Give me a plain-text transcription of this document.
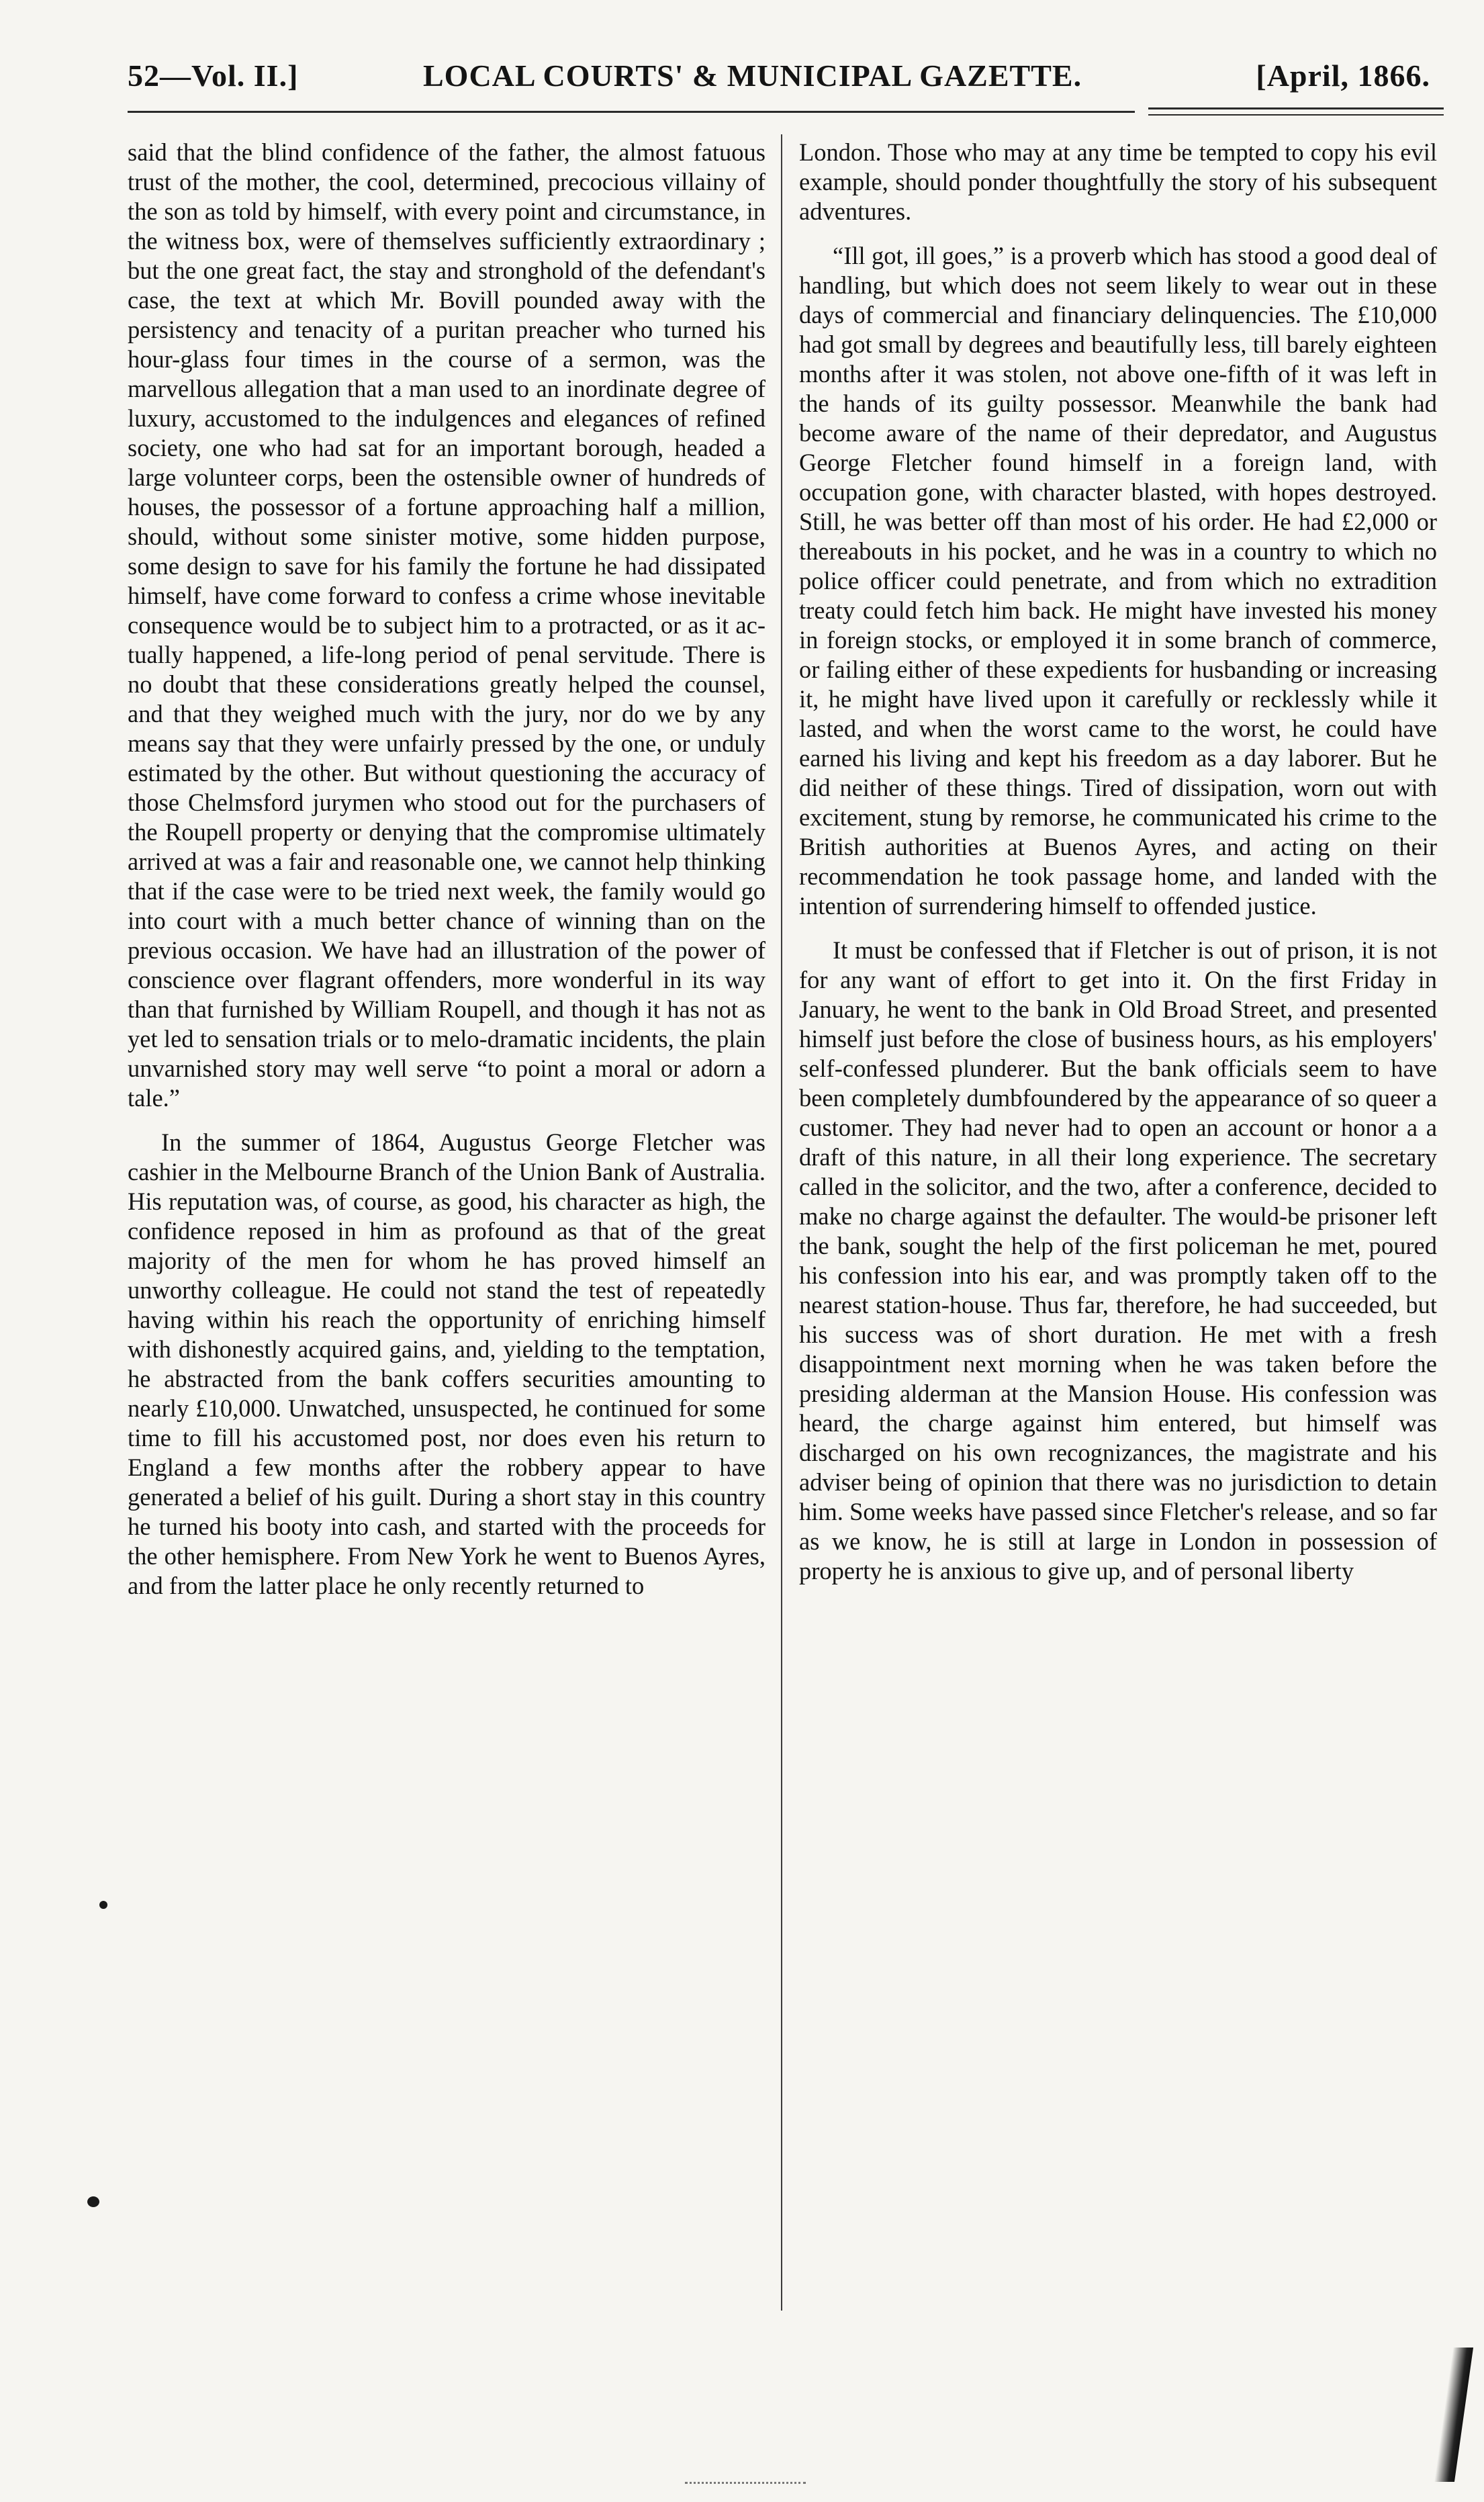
52—Vol. II.]	LOCAL COURTS' & MUNICIPAL GAZETTE.	[April, 1866.

said that the blind confidence of the father, the almost fatuous trust of the mother, the cool, determined, precocious villainy of the son as told by himself, with every point and circumstance, in the witness box, were of themselves sufficiently extraordinary ; but the one great fact, the stay and stronghold of the defendant's case, the text at which Mr. Bovill pounded away with the persistency and tenacity of a puritan preacher who turned his hour-glass four times in the course of a sermon, was the marvellous allegation that a man used to an inordinate degree of luxury, accustomed to the indulgences and elegances of refined society, one who had sat for an important borough, headed a large volunteer corps, been the ostensible owner of hundreds of houses, the possessor of a fortune approaching half a million, should, without some sinister motive, some hidden purpose, some design to save for his family the fortune he had dissipated himself, have come forward to confess a crime whose inevitable consequence would be to subject him to a protracted, or as it actually happened, a life-long period of penal servitude. There is no doubt that these considerations greatly helped the counsel, and that they weighed much with the jury, nor do we by any means say that they were unfairly pressed by the one, or unduly estimated by the other. But without questioning the accuracy of those Chelmsford jurymen who stood out for the purchasers of the Roupell property or denying that the compromise ultimately arrived at was a fair and reasonable one, we cannot help thinking that if the case were to be tried next week, the family would go into court with a much better chance of winning than on the previous occasion. We have had an illustration of the power of conscience over flagrant offenders, more wonderful in its way than that furnished by William Roupell, and though it has not as yet led to sensation trials or to melo-dramatic incidents, the plain unvarnished story may well serve “to point a moral or adorn a tale.”

In the summer of 1864, Augustus George Fletcher was cashier in the Melbourne Branch of the Union Bank of Australia. His reputation was, of course, as good, his character as high, the confidence reposed in him as profound as that of the great majority of the men for whom he has proved himself an unworthy colleague. He could not stand the test of repeatedly having within his reach the opportunity of enriching himself with dishonestly acquired gains, and, yielding to the temptation, he abstracted from the bank coffers securities amounting to nearly £10,000. Unwatched, unsuspected, he continued for some time to fill his accustomed post, nor does even his return to England a few months after the robbery appear to have generated a belief of his guilt. During a short stay in this country he turned his booty into cash, and started with the proceeds for the other hemisphere. From New York he went to Buenos Ayres, and from the latter place he only recently returned to

London. Those who may at any time be tempted to copy his evil example, should ponder thoughtfully the story of his subsequent adventures.

“Ill got, ill goes,” is a proverb which has stood a good deal of handling, but which does not seem likely to wear out in these days of commercial and financiary delinquencies. The £10,000 had got small by degrees and beautifully less, till barely eighteen months after it was stolen, not above one-fifth of it was left in the hands of its guilty possessor. Meanwhile the bank had become aware of the name of their depredator, and Augustus George Fletcher found himself in a foreign land, with occupation gone, with character blasted, with hopes destroyed. Still, he was better off than most of his order. He had £2,000 or thereabouts in his pocket, and he was in a country to which no police officer could penetrate, and from which no extradition treaty could fetch him back. He might have invested his money in foreign stocks, or employed it in some branch of commerce, or failing either of these expedients for husbanding or increasing it, he might have lived upon it carefully or recklessly while it lasted, and when the worst came to the worst, he could have earned his living and kept his freedom as a day laborer. But he did neither of these things. Tired of dissipation, worn out with excitement, stung by remorse, he communicated his crime to the British authorities at Buenos Ayres, and acting on their recommendation he took passage home, and landed with the intention of surrendering himself to offended justice.

It must be confessed that if Fletcher is out of prison, it is not for any want of effort to get into it. On the first Friday in January, he went to the bank in Old Broad Street, and presented himself just before the close of business hours, as his employers' self-confessed plunderer. But the bank officials seem to have been completely dumbfoundered by the appearance of so queer a customer. They had never had to open an account or honor a a draft of this nature, in all their long experience. The secretary called in the solicitor, and the two, after a conference, decided to make no charge against the defaulter. The would-be prisoner left the bank, sought the help of the first policeman he met, poured his confession into his ear, and was promptly taken off to the nearest station-house. Thus far, therefore, he had succeeded, but his success was of short duration. He met with a fresh disappointment next morning when he was taken before the presiding alderman at the Mansion House. His confession was heard, the charge against him entered, but himself was discharged on his own recognizances, the magistrate and his adviser being of opinion that there was no jurisdiction to detain him. Some weeks have passed since Fletcher's release, and so far as we know, he is still at large in London in possession of property he is anxious to give up, and of personal liberty
